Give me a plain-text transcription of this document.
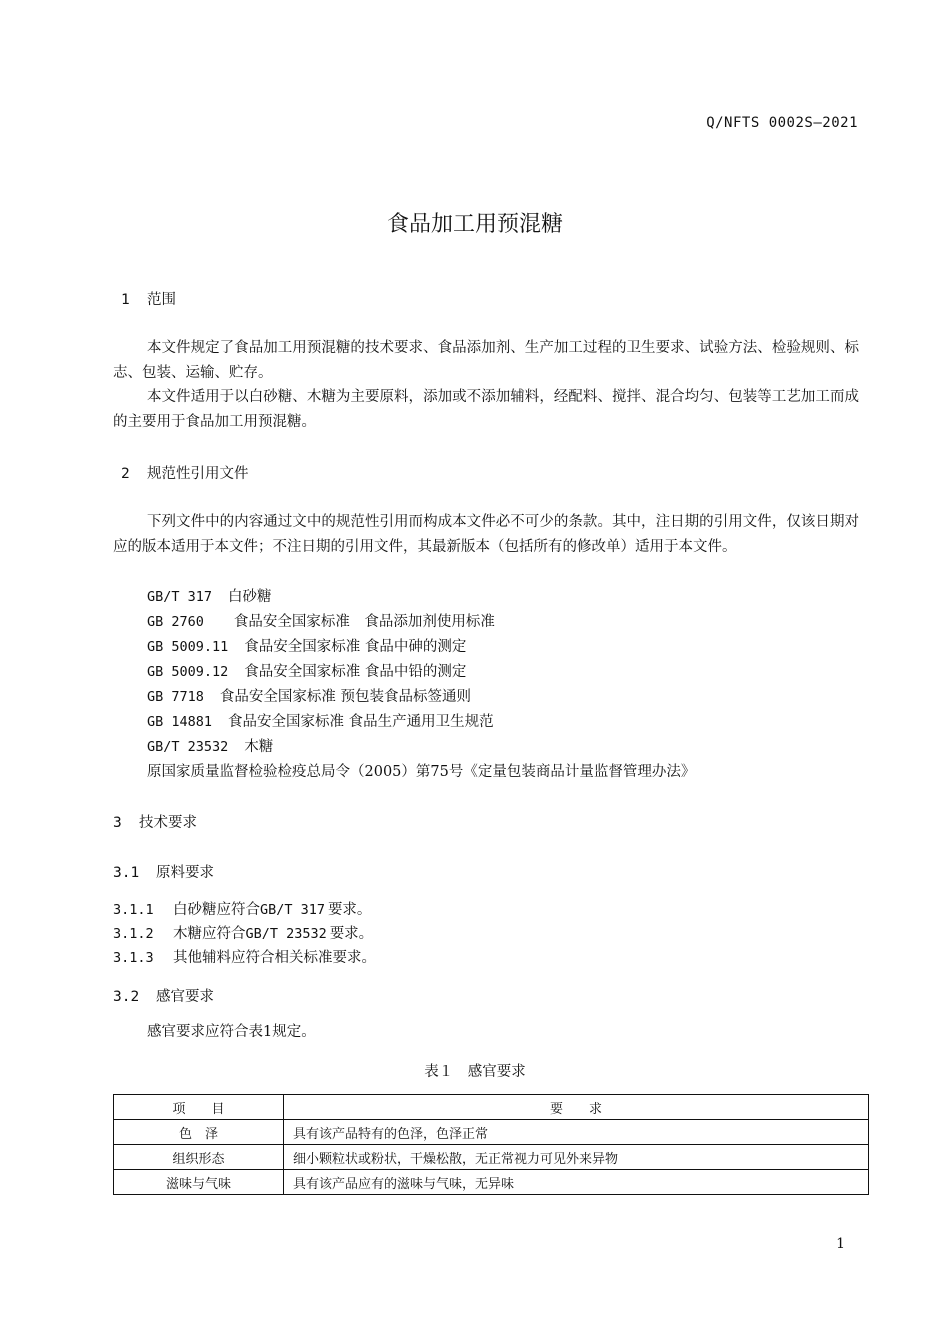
Q/NFTS 0002S—2021
食品加工用预混糖
1 范围
本文件规定了食品加工用预混糖的技术要求、食品添加剂、生产加工过程的卫生要求、试验方法、检验规则、标志、包装、运输、贮存。
本文件适用于以白砂糖、木糖为主要原料，添加或不添加辅料，经配料、搅拌、混合均匀、包装等工艺加工而成的主要用于食品加工用预混糖。
2 规范性引用文件
下列文件中的内容通过文中的规范性引用而构成本文件必不可少的条款。其中，注日期的引用文件，仅该日期对应的版本适用于本文件；不注日期的引用文件，其最新版本（包括所有的修改单）适用于本文件。
GB/T 317 白砂糖
GB 2760 食品安全国家标准　食品添加剂使用标准
GB 5009.11 食品安全国家标准 食品中砷的测定
GB 5009.12 食品安全国家标准 食品中铅的测定
GB 7718 食品安全国家标准 预包装食品标签通则
GB 14881 食品安全国家标准 食品生产通用卫生规范
GB/T 23532 木糖
原国家质量监督检验检疫总局令（2005）第75号《定量包装商品计量监督管理办法》
3 技术要求
3.1 原料要求
3.1.1 白砂糖应符合GB/T 317  要求。
3.1.2 木糖应符合GB/T 23532  要求。
3.1.3 其他辅料应符合相关标准要求。
3.2 感官要求
感官要求应符合表1规定。
表１　感官要求
项　　目	要　　求
色　泽	具有该产品特有的色泽，色泽正常
组织形态	细小颗粒状或粉状，干燥松散，无正常视力可见外来异物
滋味与气味	具有该产品应有的滋味与气味，无异味
1
